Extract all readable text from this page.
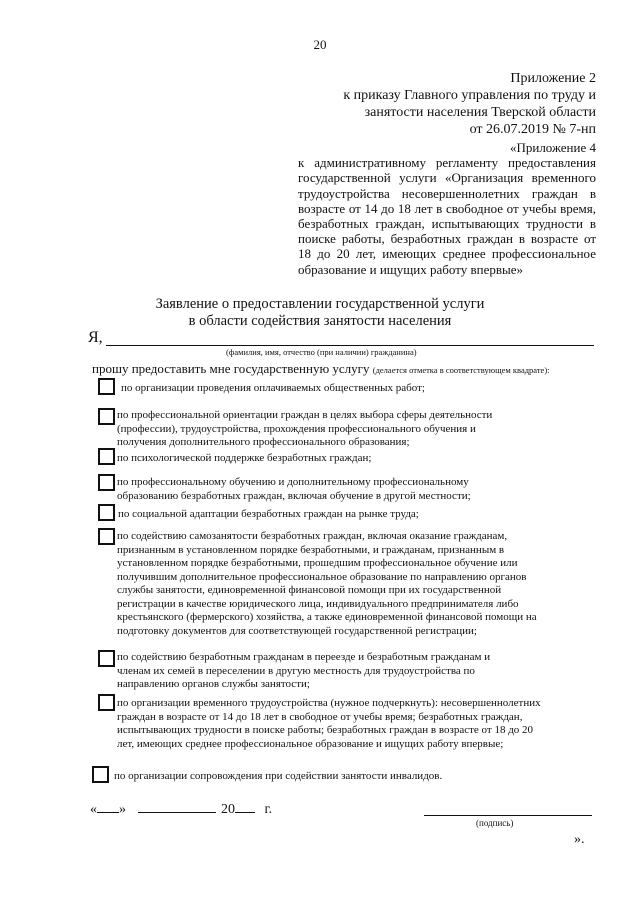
20
Приложение 2
к приказу Главного управления по труду и
занятости населения Тверской области
от 26.07.2019 № 7-нп
«Приложение 4
к административному регламенту предоставления государственной услуги «Организация временного трудоустройства несовершеннолетних граждан в возрасте от 14 до 18 лет в свободное от учебы время, безработных граждан, испытывающих трудности в поиске работы, безработных граждан в возрасте от 18 до 20 лет, имеющих среднее профессиональное образование и ищущих работу впервые»
Заявление о предоставлении государственной услуги
в области содействия занятости населения
Я,
(фамилия, имя, отчество (при наличии) гражданина)
прошу предоставить мне государственную услугу (делается отметка в соответствующем квадрате):
по организации проведения оплачиваемых общественных работ;
по профессиональной ориентации граждан в целях выбора сферы деятельности (профессии), трудоустройства, прохождения профессионального обучения и получения дополнительного профессионального образования;
по психологической поддержке безработных граждан;
по профессиональному обучению и дополнительному профессиональному образованию безработных граждан, включая обучение в другой местности;
по социальной адаптации безработных граждан на рынке труда;
по содействию самозанятости безработных граждан, включая оказание гражданам, признанным в установленном порядке безработными, и гражданам, признанным в установленном порядке безработными, прошедшим профессиональное обучение или получившим дополнительное профессиональное образование по направлению органов службы занятости, единовременной финансовой помощи при их государственной регистрации в качестве юридического лица, индивидуального предпринимателя либо крестьянского (фермерского) хозяйства, а также единовременной финансовой помощи на подготовку документов для соответствующей государственной регистрации;
по содействию безработным гражданам в переезде и безработным гражданам и членам их семей в переселении в другую местность для трудоустройства по направлению органов службы занятости;
по организации временного трудоустройства (нужное подчеркнуть): несовершеннолетних граждан в возрасте от 14 до 18 лет в свободное от учебы время; безработных граждан, испытывающих трудности в поиске работы; безработных граждан в возрасте от 18 до 20 лет, имеющих среднее профессиональное образование и ищущих работу впервые;
по организации сопровождения при содействии занятости инвалидов.
« »	20 г.
(подпись)
».
